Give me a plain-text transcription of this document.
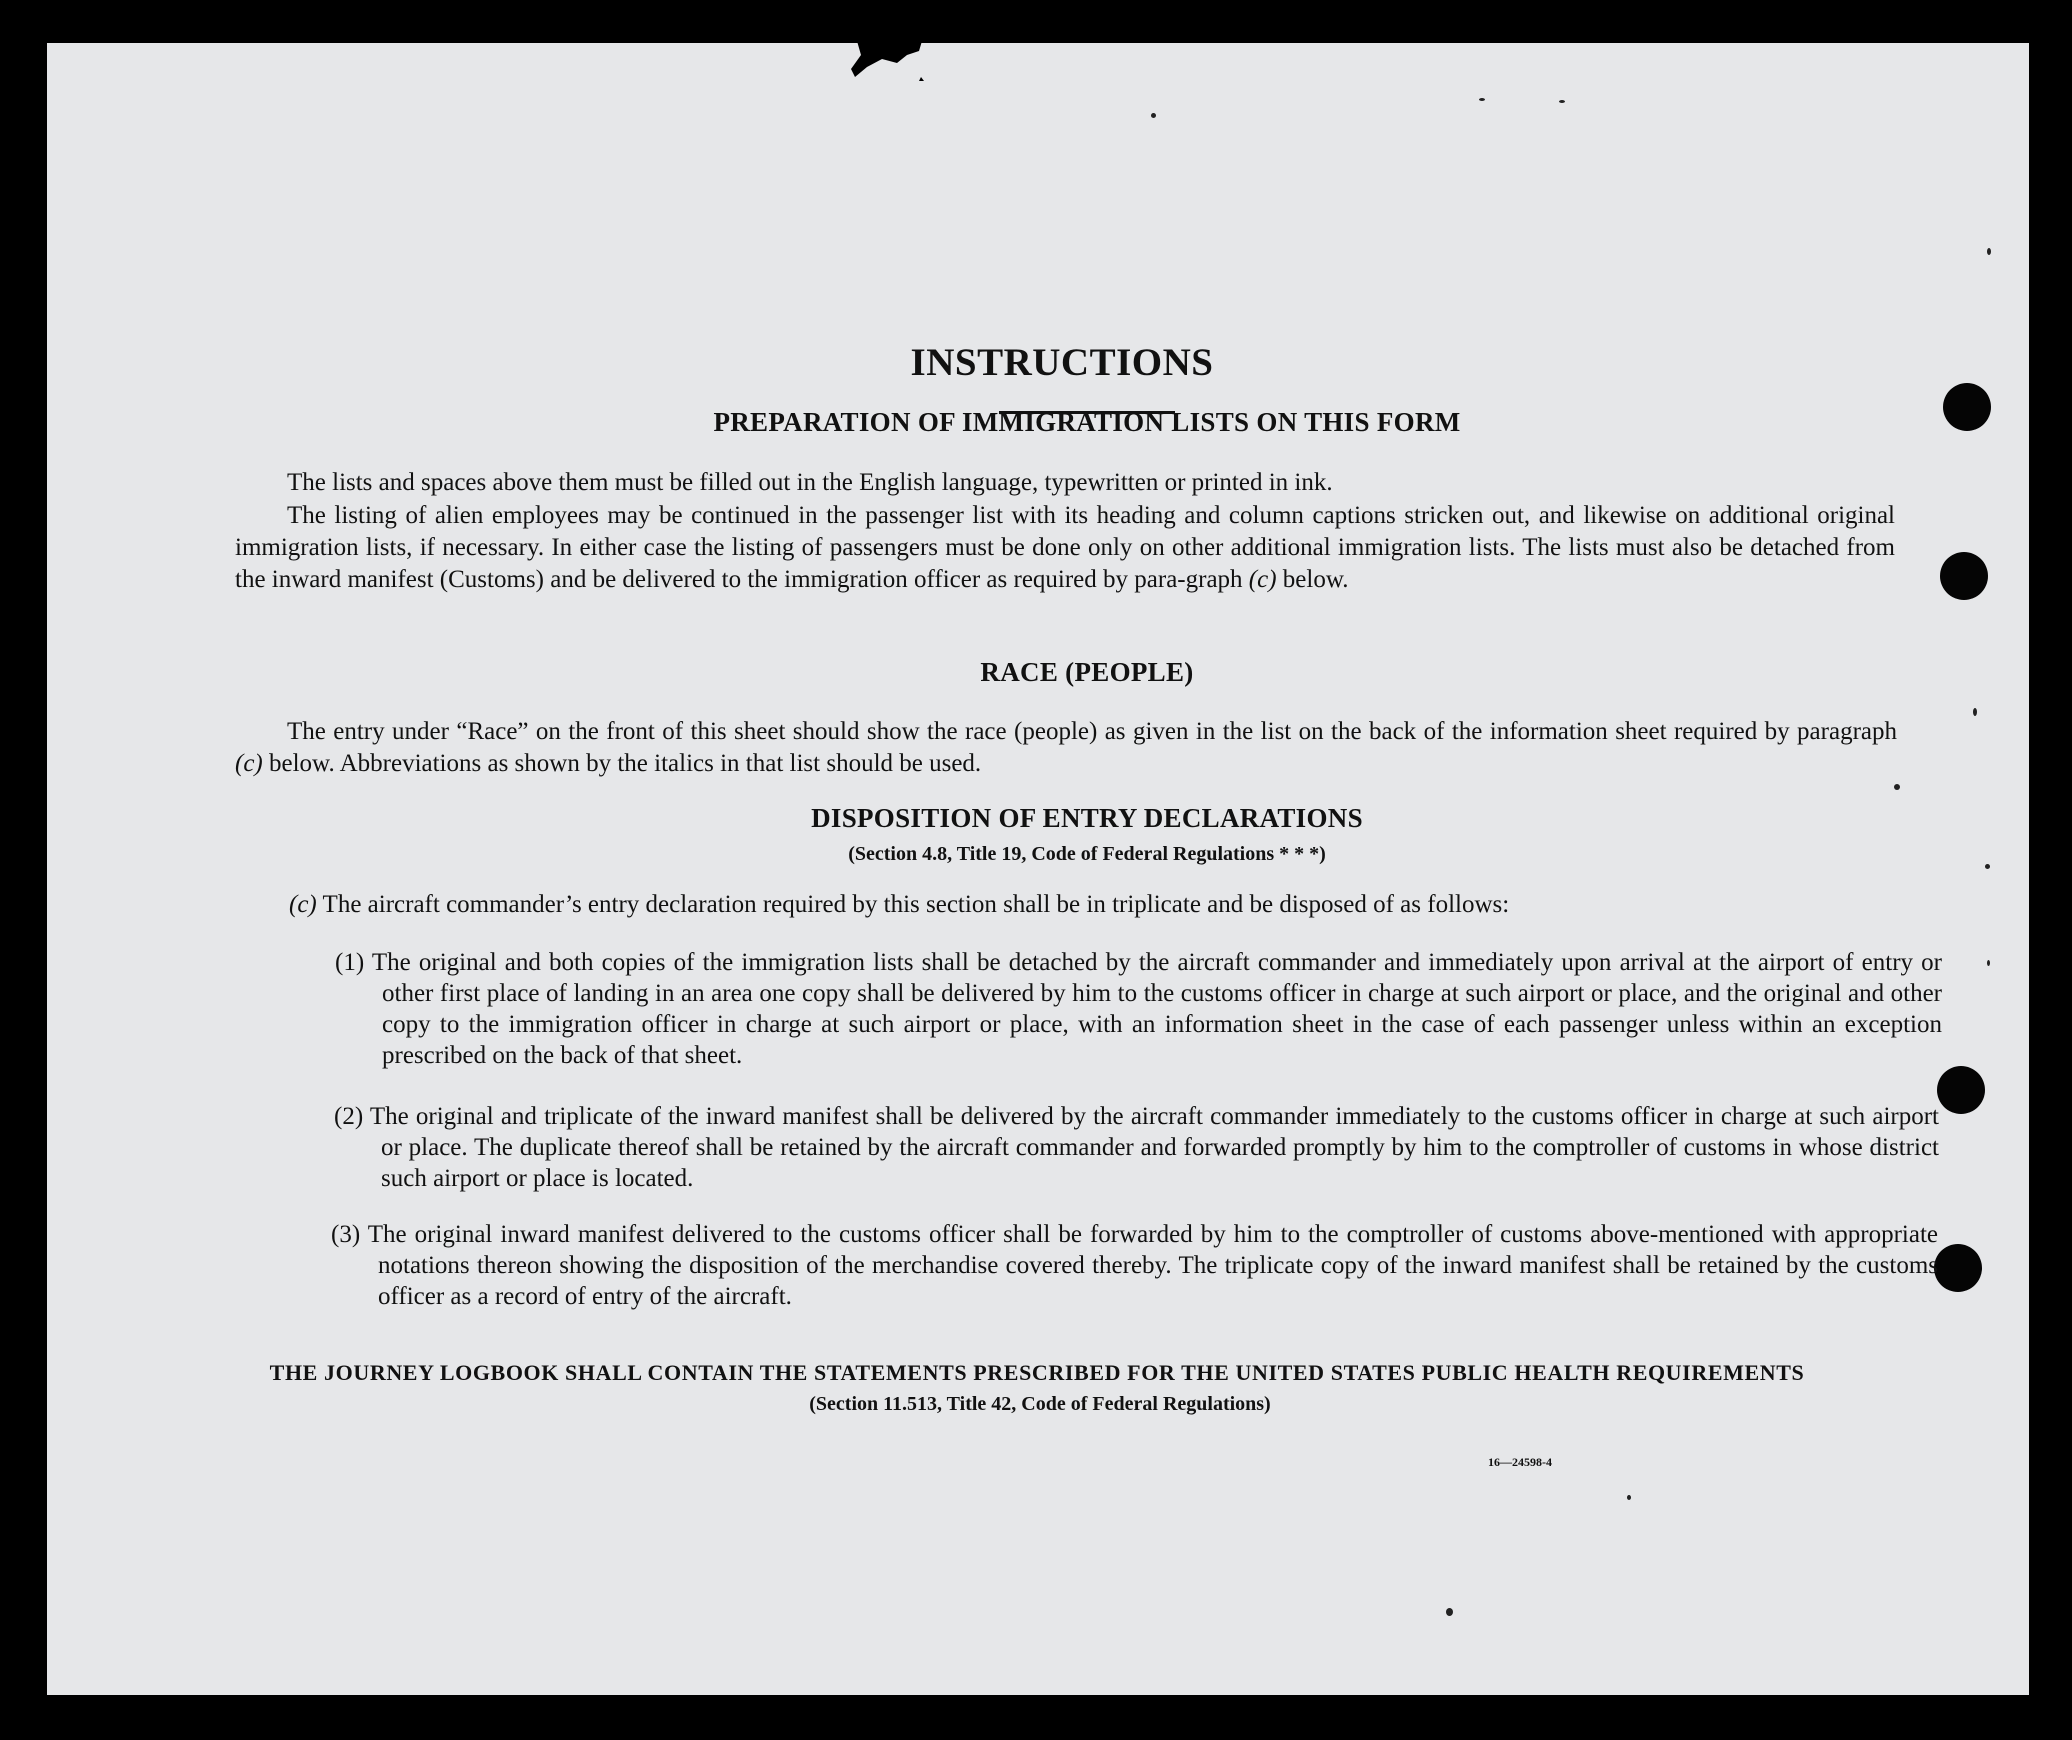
INSTRUCTIONS
PREPARATION OF IMMIGRATION LISTS ON THIS FORM
The lists and spaces above them must be filled out in the English language, typewritten or printed in ink.
The listing of alien employees may be continued in the passenger list with its heading and column captions stricken out, and likewise on additional original immigration lists, if necessary. In either case the listing of passengers must be done only on other additional immigration lists. The lists must also be detached from the inward manifest (Customs) and be delivered to the immigration officer as required by para-graph (c) below.
RACE (PEOPLE)
The entry under “Race” on the front of this sheet should show the race (people) as given in the list on the back of the information sheet required by paragraph (c) below. Abbreviations as shown by the italics in that list should be used.
DISPOSITION OF ENTRY DECLARATIONS
(Section 4.8, Title 19, Code of Federal Regulations * * *)
(c) The aircraft commander’s entry declaration required by this section shall be in triplicate and be disposed of as follows:
(1) The original and both copies of the immigration lists shall be detached by the aircraft commander and immediately upon arrival at the airport of entry or other first place of landing in an area one copy shall be delivered by him to the customs officer in charge at such airport or place, and the original and other copy to the immigration officer in charge at such airport or place, with an information sheet in the case of each passenger unless within an exception prescribed on the back of that sheet.
(2) The original and triplicate of the inward manifest shall be delivered by the aircraft commander immediately to the customs officer in charge at such airport or place. The duplicate thereof shall be retained by the aircraft commander and forwarded promptly by him to the comptroller of customs in whose district such airport or place is located.
(3) The original inward manifest delivered to the customs officer shall be forwarded by him to the comptroller of customs above-mentioned with appropriate notations thereon showing the disposition of the merchandise covered thereby. The triplicate copy of the inward manifest shall be retained by the customs officer as a record of entry of the aircraft.
THE JOURNEY LOGBOOK SHALL CONTAIN THE STATEMENTS PRESCRIBED FOR THE UNITED STATES PUBLIC HEALTH REQUIREMENTS
(Section 11.513, Title 42, Code of Federal Regulations)
16—24598-4
